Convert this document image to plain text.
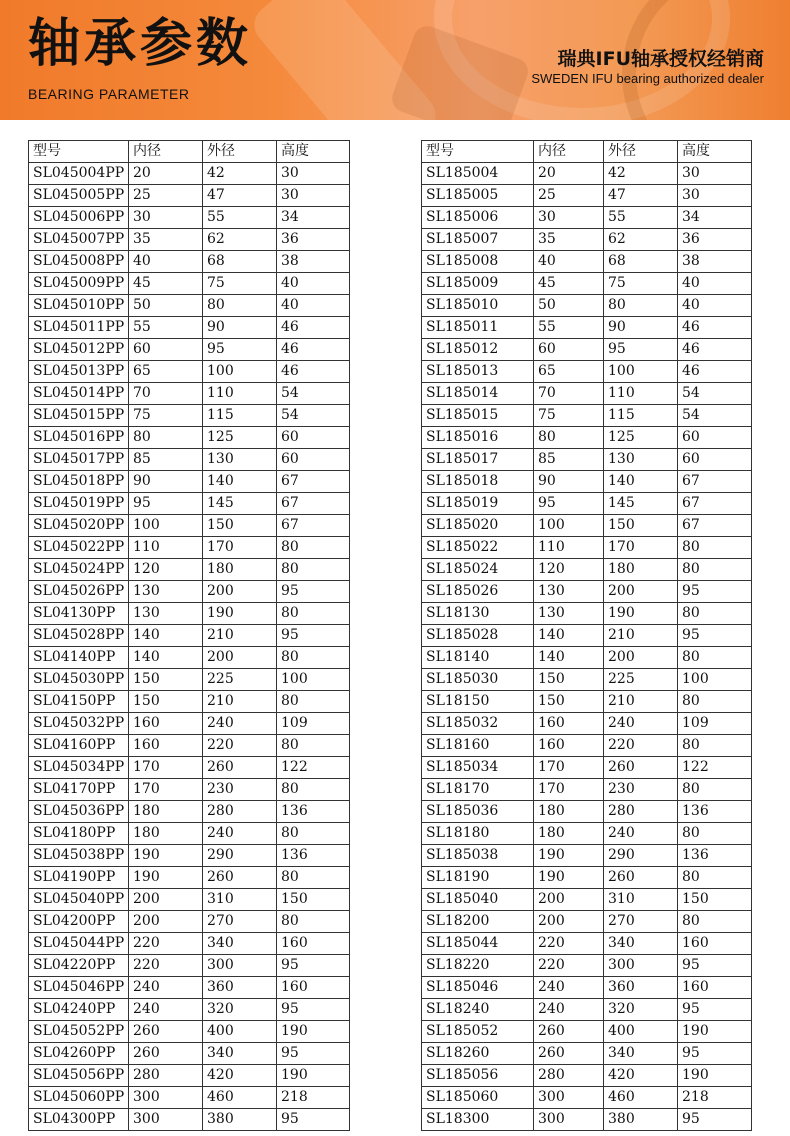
轴承参数
BEARING PARAMETER
瑞典IFU轴承授权经销商
SWEDEN IFU bearing authorized dealer
型号	内径	外径	高度
SL045004PP	20	42	30
SL045005PP	25	47	30
SL045006PP	30	55	34
SL045007PP	35	62	36
SL045008PP	40	68	38
SL045009PP	45	75	40
SL045010PP	50	80	40
SL045011PP	55	90	46
SL045012PP	60	95	46
SL045013PP	65	100	46
SL045014PP	70	110	54
SL045015PP	75	115	54
SL045016PP	80	125	60
SL045017PP	85	130	60
SL045018PP	90	140	67
SL045019PP	95	145	67
SL045020PP	100	150	67
SL045022PP	110	170	80
SL045024PP	120	180	80
SL045026PP	130	200	95
SL04130PP	130	190	80
SL045028PP	140	210	95
SL04140PP	140	200	80
SL045030PP	150	225	100
SL04150PP	150	210	80
SL045032PP	160	240	109
SL04160PP	160	220	80
SL045034PP	170	260	122
SL04170PP	170	230	80
SL045036PP	180	280	136
SL04180PP	180	240	80
SL045038PP	190	290	136
SL04190PP	190	260	80
SL045040PP	200	310	150
SL04200PP	200	270	80
SL045044PP	220	340	160
SL04220PP	220	300	95
SL045046PP	240	360	160
SL04240PP	240	320	95
SL045052PP	260	400	190
SL04260PP	260	340	95
SL045056PP	280	420	190
SL045060PP	300	460	218
SL04300PP	300	380	95
型号	内径	外径	高度
SL185004	20	42	30
SL185005	25	47	30
SL185006	30	55	34
SL185007	35	62	36
SL185008	40	68	38
SL185009	45	75	40
SL185010	50	80	40
SL185011	55	90	46
SL185012	60	95	46
SL185013	65	100	46
SL185014	70	110	54
SL185015	75	115	54
SL185016	80	125	60
SL185017	85	130	60
SL185018	90	140	67
SL185019	95	145	67
SL185020	100	150	67
SL185022	110	170	80
SL185024	120	180	80
SL185026	130	200	95
SL18130	130	190	80
SL185028	140	210	95
SL18140	140	200	80
SL185030	150	225	100
SL18150	150	210	80
SL185032	160	240	109
SL18160	160	220	80
SL185034	170	260	122
SL18170	170	230	80
SL185036	180	280	136
SL18180	180	240	80
SL185038	190	290	136
SL18190	190	260	80
SL185040	200	310	150
SL18200	200	270	80
SL185044	220	340	160
SL18220	220	300	95
SL185046	240	360	160
SL18240	240	320	95
SL185052	260	400	190
SL18260	260	340	95
SL185056	280	420	190
SL185060	300	460	218
SL18300	300	380	95
